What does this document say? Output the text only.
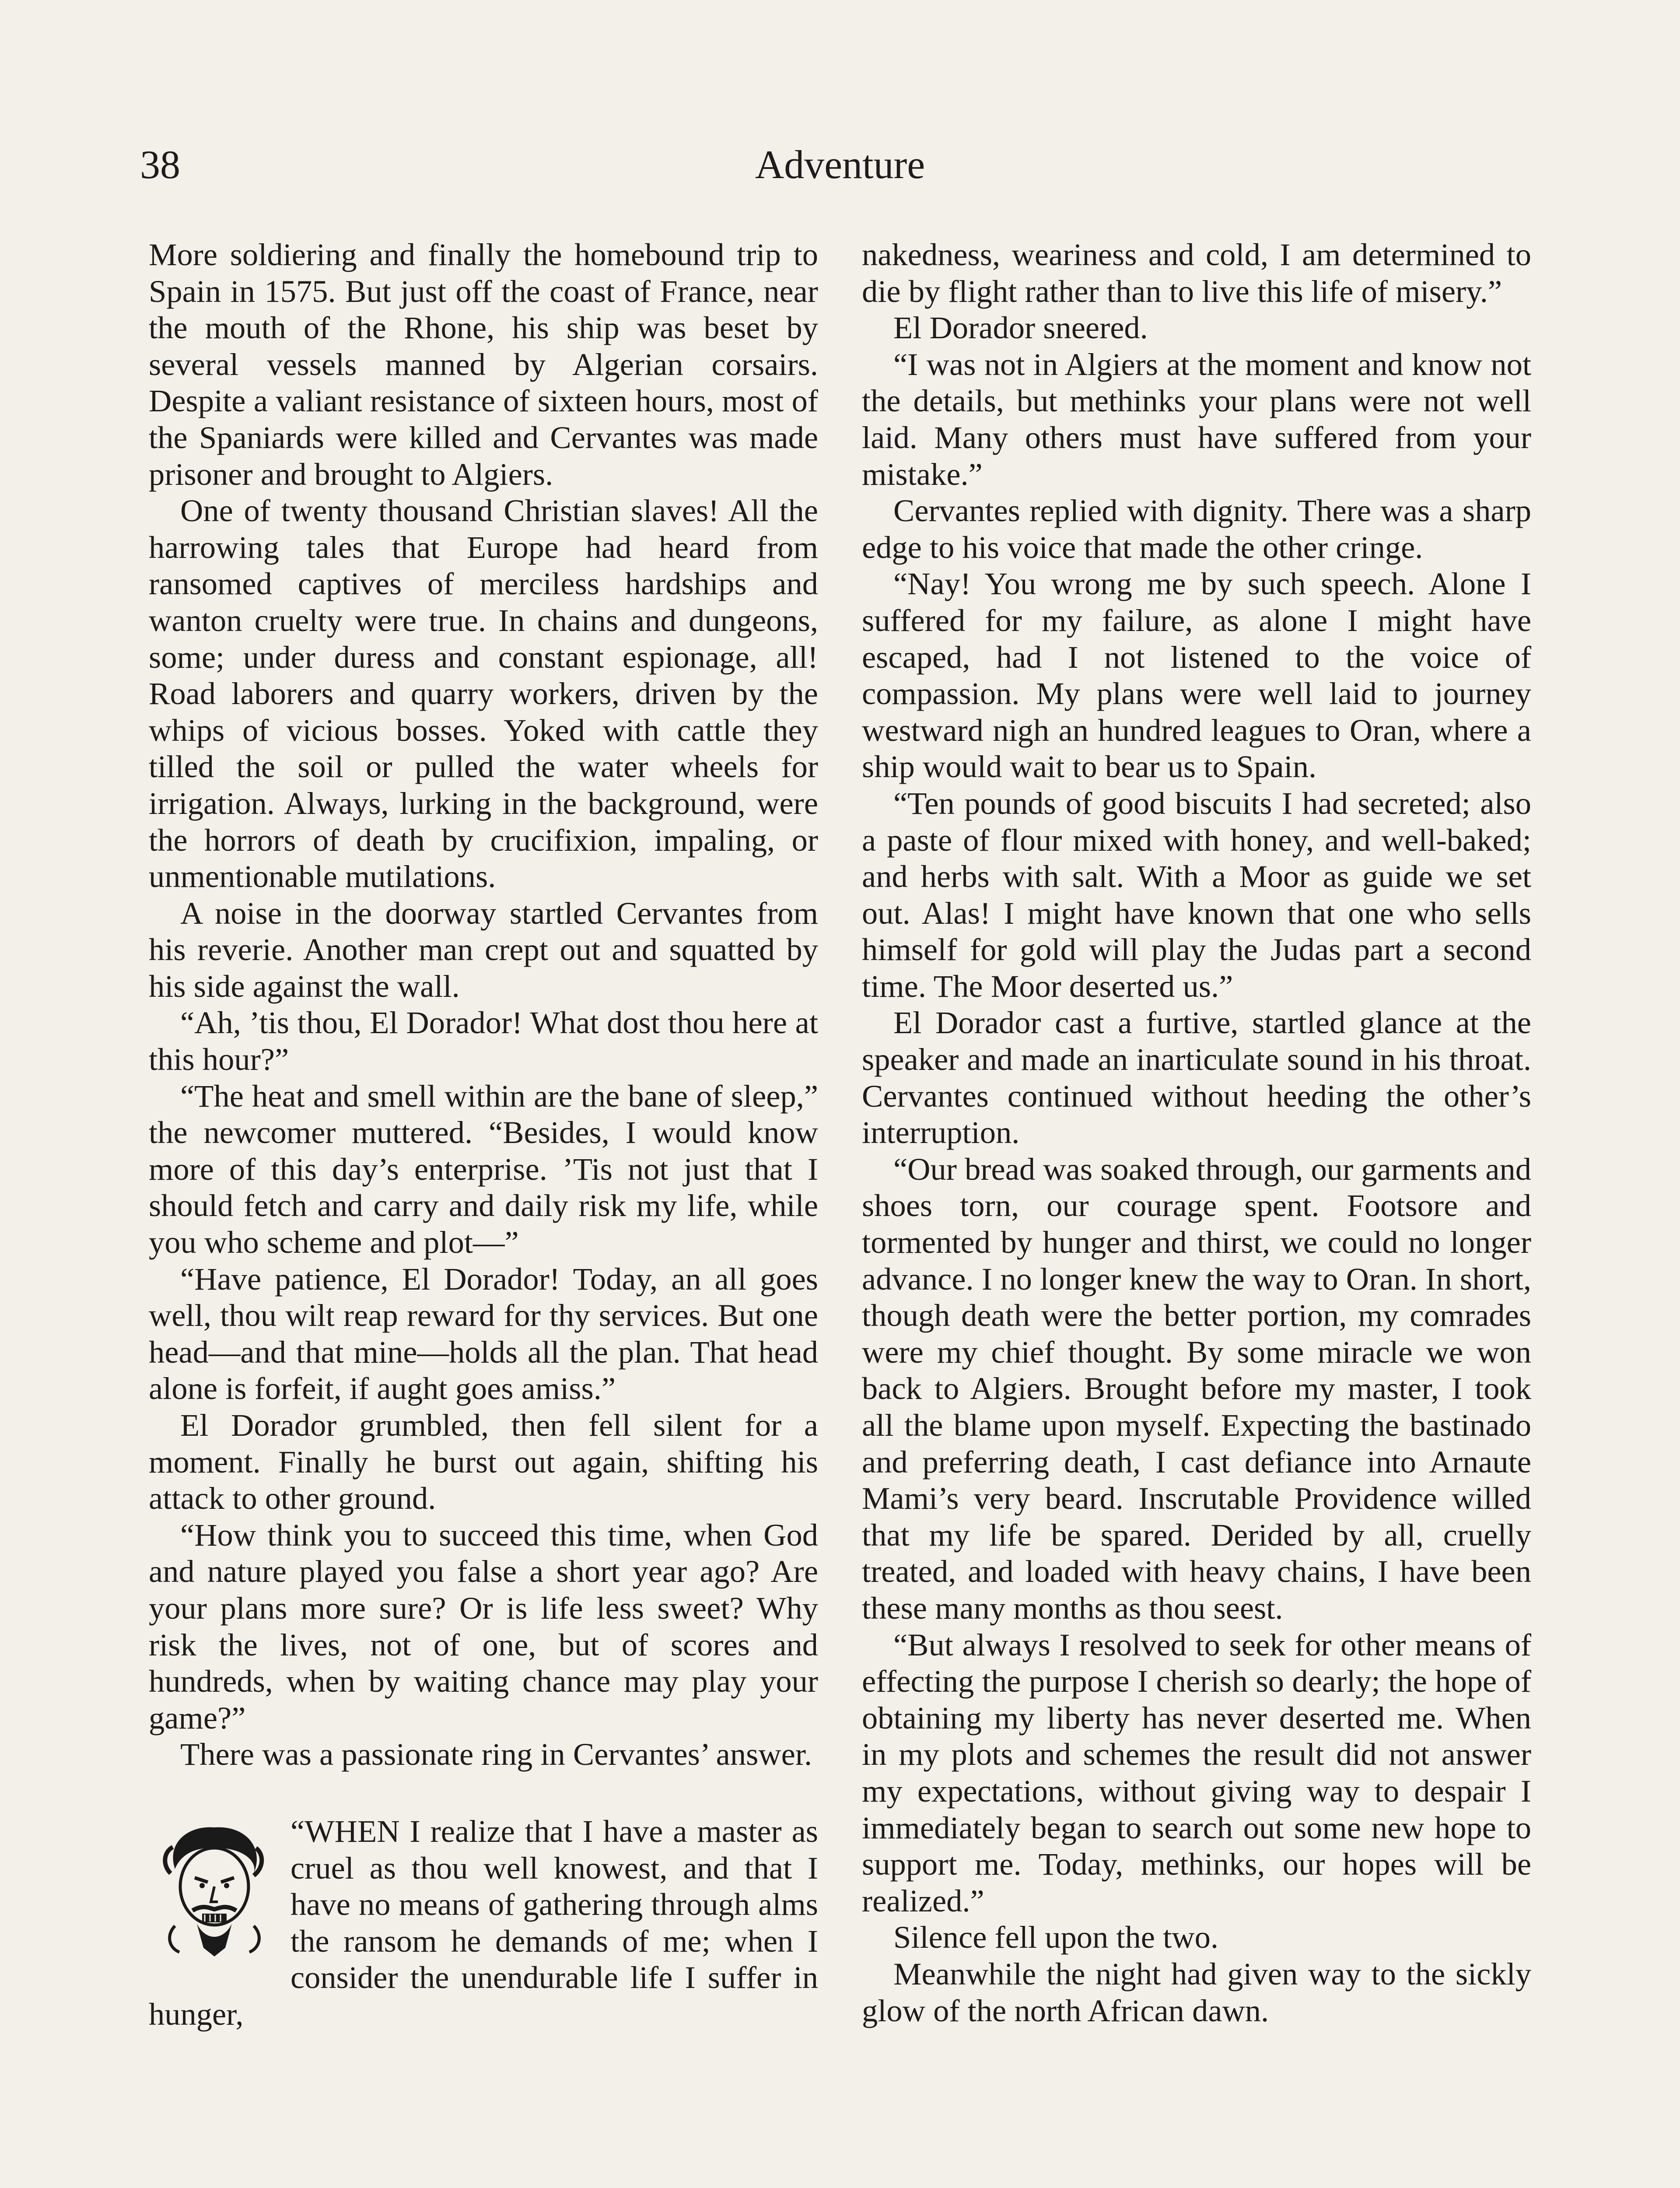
38	Adventure

More soldiering and finally the homebound trip to Spain in 1575. But just off the coast of France, near the mouth of the Rhone, his ship was beset by several vessels manned by Algerian corsairs. Despite a valiant resistance of sixteen hours, most of the Spaniards were killed and Cervantes was made prisoner and brought to Algiers.

One of twenty thousand Christian slaves! All the harrowing tales that Europe had heard from ransomed captives of merciless hardships and wanton cruelty were true. In chains and dungeons, some; under duress and constant espionage, all! Road laborers and quarry workers, driven by the whips of vicious bosses. Yoked with cattle they tilled the soil or pulled the water wheels for irrigation. Always, lurking in the background, were the horrors of death by crucifixion, impaling, or unmentionable mutilations.

A noise in the doorway startled Cervantes from his reverie. Another man crept out and squatted by his side against the wall.

“Ah, ’tis thou, El Dorador! What dost thou here at this hour?”

“The heat and smell within are the bane of sleep,” the newcomer muttered. “Besides, I would know more of this day’s enterprise. ’Tis not just that I should fetch and carry and daily risk my life, while you who scheme and plot—”

“Have patience, El Dorador! Today, an all goes well, thou wilt reap reward for thy services. But one head—and that mine—holds all the plan. That head alone is forfeit, if aught goes amiss.”

El Dorador grumbled, then fell silent for a moment. Finally he burst out again, shifting his attack to other ground.

“How think you to succeed this time, when God and nature played you false a short year ago? Are your plans more sure? Or is life less sweet? Why risk the lives, not of one, but of scores and hundreds, when by waiting chance may play your game?”

There was a passionate ring in Cervantes’ answer.

“WHEN I realize that I have a master as cruel as thou well knowest, and that I have no means of gathering through alms the ransom he demands of me; when I consider the unendurable life I suffer in hunger,

nakedness, weariness and cold, I am determined to die by flight rather than to live this life of misery.”

El Dorador sneered.

“I was not in Algiers at the moment and know not the details, but methinks your plans were not well laid. Many others must have suffered from your mistake.”

Cervantes replied with dignity. There was a sharp edge to his voice that made the other cringe.

“Nay! You wrong me by such speech. Alone I suffered for my failure, as alone I might have escaped, had I not listened to the voice of compassion. My plans were well laid to journey westward nigh an hundred leagues to Oran, where a ship would wait to bear us to Spain.

“Ten pounds of good biscuits I had secreted; also a paste of flour mixed with honey, and well-baked; and herbs with salt. With a Moor as guide we set out. Alas! I might have known that one who sells himself for gold will play the Judas part a second time. The Moor deserted us.”

El Dorador cast a furtive, startled glance at the speaker and made an inarticulate sound in his throat. Cervantes continued without heeding the other’s interruption.

“Our bread was soaked through, our garments and shoes torn, our courage spent. Footsore and tormented by hunger and thirst, we could no longer advance. I no longer knew the way to Oran. In short, though death were the better portion, my comrades were my chief thought. By some miracle we won back to Algiers. Brought before my master, I took all the blame upon myself. Expecting the bastinado and preferring death, I cast defiance into Arnaute Mami’s very beard. Inscrutable Providence willed that my life be spared. Derided by all, cruelly treated, and loaded with heavy chains, I have been these many months as thou seest.

“But always I resolved to seek for other means of effecting the purpose I cherish so dearly; the hope of obtaining my liberty has never deserted me. When in my plots and schemes the result did not answer my expectations, without giving way to despair I immediately began to search out some new hope to support me. Today, methinks, our hopes will be realized.”

Silence fell upon the two.

Meanwhile the night had given way to the sickly glow of the north African dawn.
